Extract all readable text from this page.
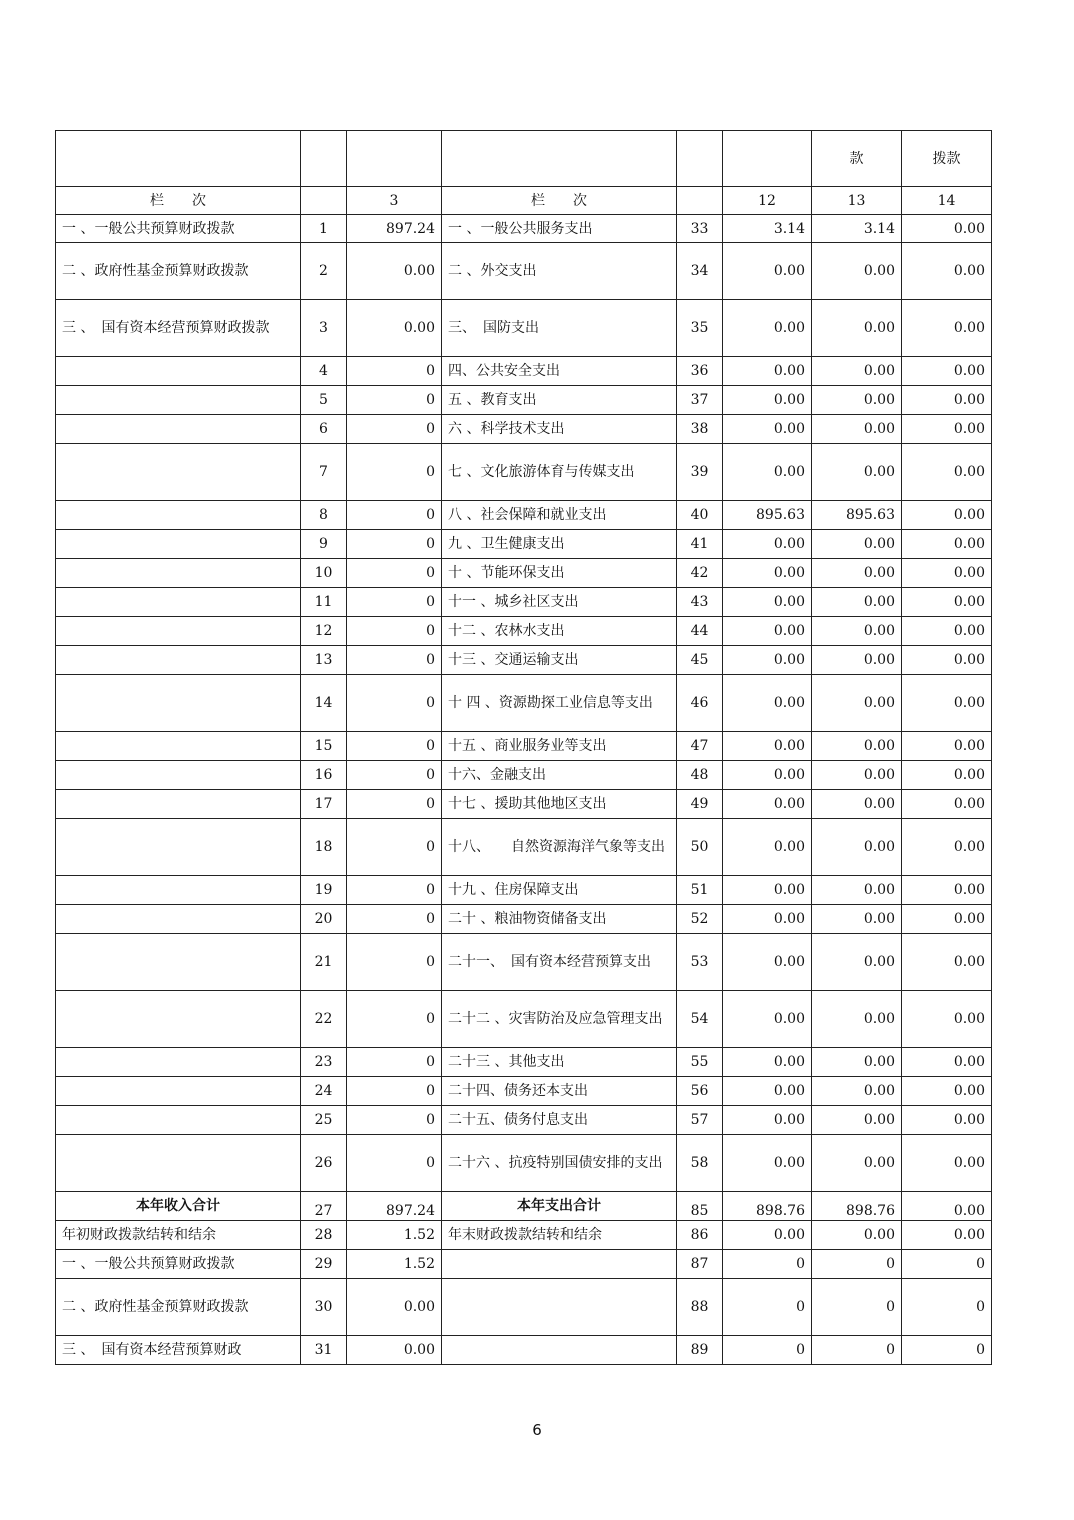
						款	拨款
栏　　次		3	栏　　次		12	13	14
一 、一般公共预算财政拨款	1	897.24	一 、一般公共服务支出	33	3.14	3.14	0.00
二 、政府性基金预算财政拨款	2	0.00	二 、外交支出	34	0.00	0.00	0.00
三 、　国有资本经营预算财政拨款	3	0.00	三、　国防支出	35	0.00	0.00	0.00
	4	0	四、公共安全支出	36	0.00	0.00	0.00
	5	0	五 、教育支出	37	0.00	0.00	0.00
	6	0	六 、科学技术支出	38	0.00	0.00	0.00
	7	0	七 、文化旅游体育与传媒支出	39	0.00	0.00	0.00
	8	0	八 、社会保障和就业支出	40	895.63	895.63	0.00
	9	0	九 、卫生健康支出	41	0.00	0.00	0.00
	10	0	十 、节能环保支出	42	0.00	0.00	0.00
	11	0	十一 、城乡社区支出	43	0.00	0.00	0.00
	12	0	十二 、农林水支出	44	0.00	0.00	0.00
	13	0	十三 、交通运输支出	45	0.00	0.00	0.00
	14	0	十 四 、资源勘探工业信息等支出	46	0.00	0.00	0.00
	15	0	十五 、商业服务业等支出	47	0.00	0.00	0.00
	16	0	十六、金融支出	48	0.00	0.00	0.00
	17	0	十七 、援助其他地区支出	49	0.00	0.00	0.00
	18	0	十八、　　自然资源海洋气象等支出	50	0.00	0.00	0.00
	19	0	十九 、住房保障支出	51	0.00	0.00	0.00
	20	0	二十 、粮油物资储备支出	52	0.00	0.00	0.00
	21	0	二十一、　国有资本经营预算支出	53	0.00	0.00	0.00
	22	0	二十二 、灾害防治及应急管理支出	54	0.00	0.00	0.00
	23	0	二十三 、其他支出	55	0.00	0.00	0.00
	24	0	二十四、债务还本支出	56	0.00	0.00	0.00
	25	0	二十五、债务付息支出	57	0.00	0.00	0.00
	26	0	二十六 、抗疫特别国债安排的支出	58	0.00	0.00	0.00
本年收入合计	27	897.24	本年支出合计	85	898.76	898.76	0.00
年初财政拨款结转和结余	28	1.52	年末财政拨款结转和结余	86	0.00	0.00	0.00
一 、一般公共预算财政拨款	29	1.52		87	0	0	0
二 、政府性基金预算财政拨款	30	0.00		88	0	0	0
三 、　国有资本经营预算财政	31	0.00		89	0	0	0
6
